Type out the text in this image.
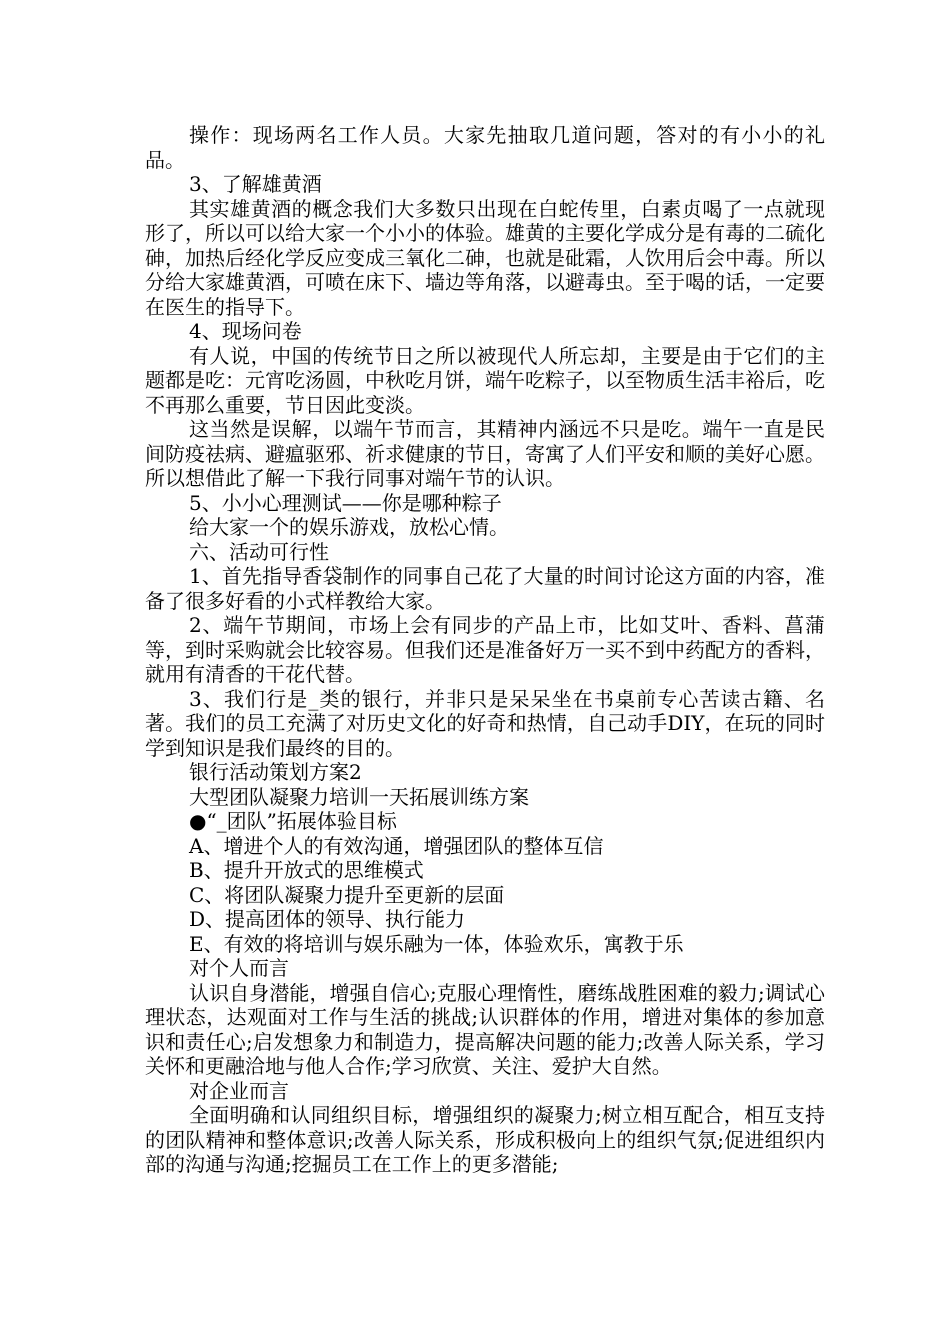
操作：现场两名工作人员。大家先抽取几道问题，答对的有小小的礼品。

3、了解雄黄酒

其实雄黄酒的概念我们大多数只出现在白蛇传里，白素贞喝了一点就现形了，所以可以给大家一个小小的体验。雄黄的主要化学成分是有毒的二硫化砷，加热后经化学反应变成三氧化二砷，也就是砒霜，人饮用后会中毒。所以分给大家雄黄酒，可喷在床下、墙边等角落，以避毒虫。至于喝的话，一定要在医生的指导下。

4、现场问卷

有人说，中国的传统节日之所以被现代人所忘却，主要是由于它们的主题都是吃：元宵吃汤圆，中秋吃月饼，端午吃粽子，以至物质生活丰裕后，吃不再那么重要，节日因此变淡。

这当然是误解，以端午节而言，其精神内涵远不只是吃。端午一直是民间防疫祛病、避瘟驱邪、祈求健康的节日，寄寓了人们平安和顺的美好心愿。所以想借此了解一下我行同事对端午节的认识。

5、小小心理测试——你是哪种粽子

给大家一个的娱乐游戏，放松心情。

六、活动可行性

1、首先指导香袋制作的同事自己花了大量的时间讨论这方面的内容，准备了很多好看的小式样教给大家。

2、端午节期间，市场上会有同步的产品上市，比如艾叶、香料、菖蒲等，到时采购就会比较容易。但我们还是准备好万一买不到中药配方的香料，就用有清香的干花代替。

3、我们行是_类的银行，并非只是呆呆坐在书桌前专心苦读古籍、名著。我们的员工充满了对历史文化的好奇和热情，自己动手DIY，在玩的同时学到知识是我们最终的目的。

银行活动策划方案2

大型团队凝聚力培训一天拓展训练方案

●“_团队”拓展体验目标

A、增进个人的有效沟通，增强团队的整体互信

B、提升开放式的思维模式

C、将团队凝聚力提升至更新的层面

D、提高团体的领导、执行能力

E、有效的将培训与娱乐融为一体，体验欢乐，寓教于乐

对个人而言

认识自身潜能，增强自信心;克服心理惰性，磨练战胜困难的毅力;调试心理状态，达观面对工作与生活的挑战;认识群体的作用，增进对集体的参加意识和责任心;启发想象力和制造力，提高解决问题的能力;改善人际关系，学习关怀和更融洽地与他人合作;学习欣赏、关注、爱护大自然。

对企业而言

全面明确和认同组织目标，增强组织的凝聚力;树立相互配合，相互支持的团队精神和整体意识;改善人际关系，形成积极向上的组织气氛;促进组织内部的沟通与沟通;挖掘员工在工作上的更多潜能;
